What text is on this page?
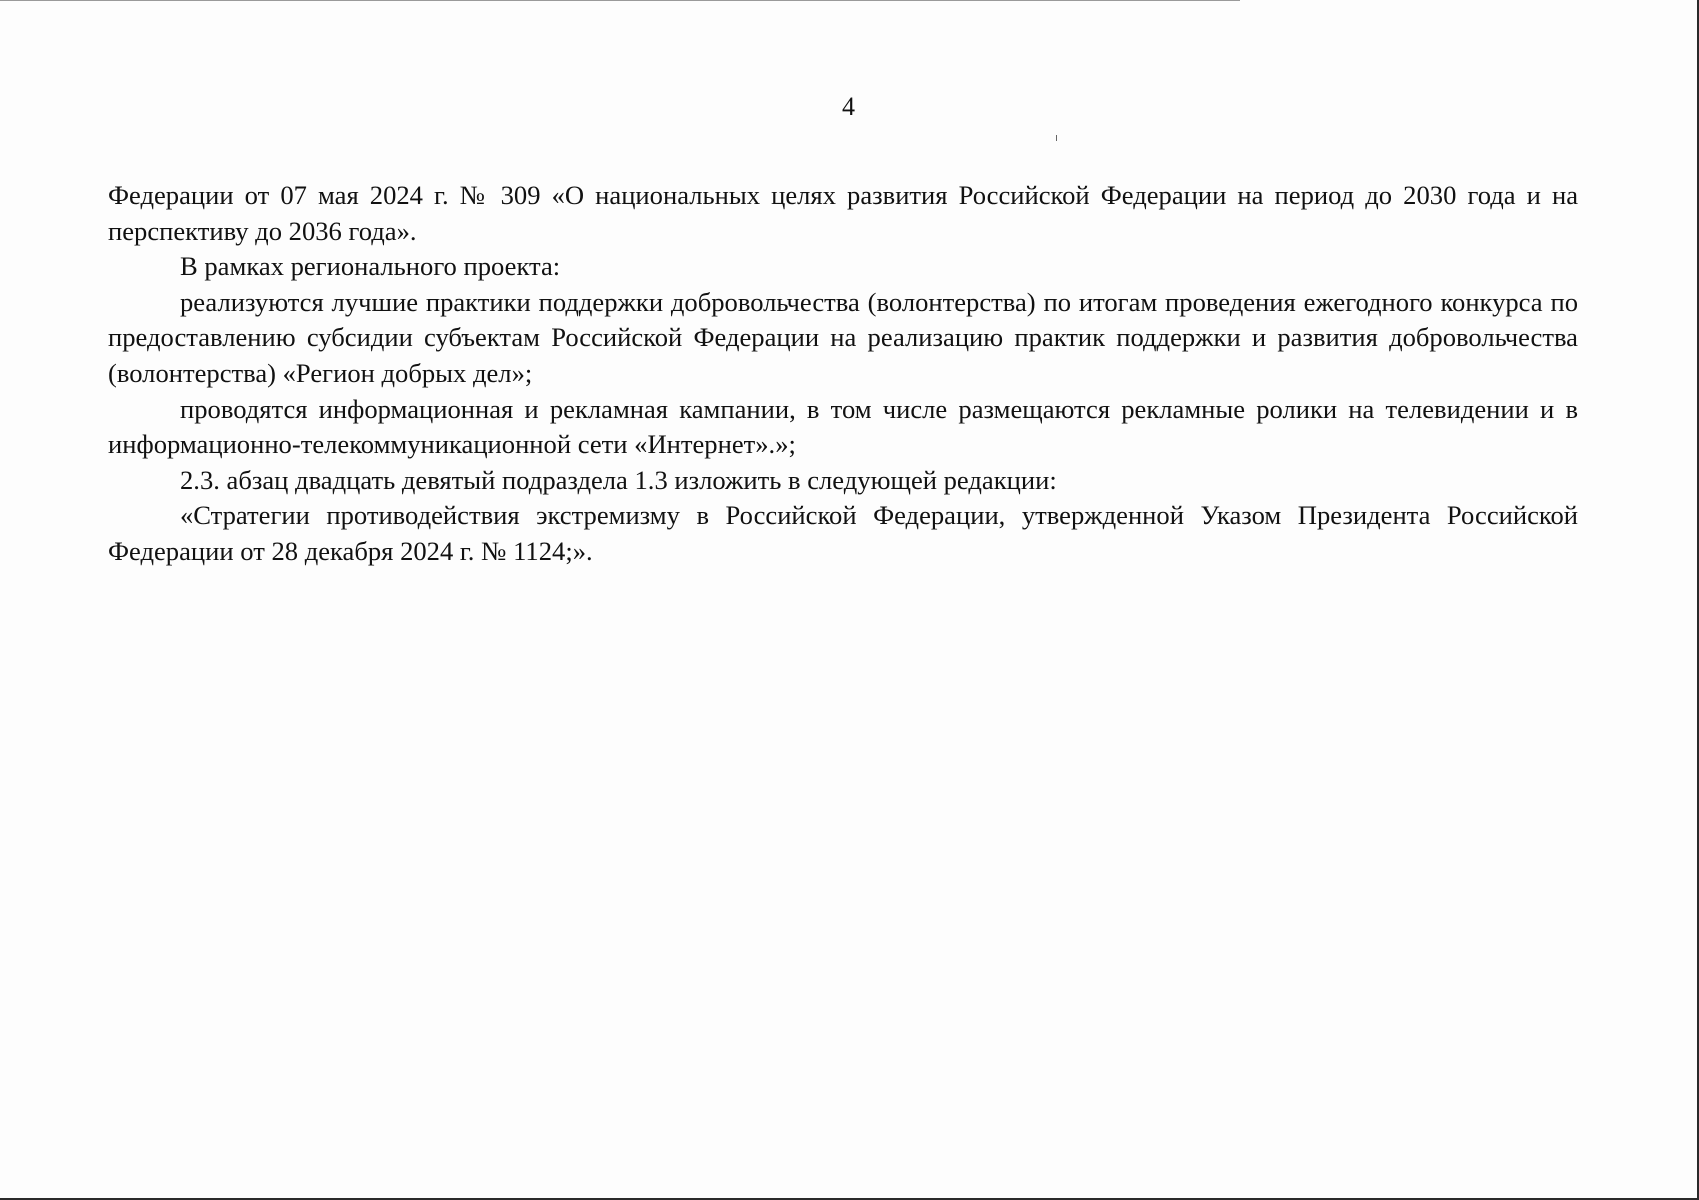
4

Федерации от 07 мая 2024 г. № 309 «О национальных целях развития Российской Федерации на период до 2030 года и на перспективу до 2036 года».

В рамках регионального проекта:

реализуются лучшие практики поддержки добровольчества (волонтерства) по итогам проведения ежегодного конкурса по предоставлению субсидии субъектам Российской Федерации на реализацию практик поддержки и развития добровольчества (волонтерства) «Регион добрых дел»;

проводятся информационная и рекламная кампании, в том числе размещаются рекламные ролики на телевидении и в информационно-телекоммуникационной сети «Интернет».»;

2.3. абзац двадцать девятый подраздела 1.3 изложить в следующей редакции:

«Стратегии противодействия экстремизму в Российской Федерации, утвержденной Указом Президента Российской Федерации от 28 декабря 2024 г. № 1124;».
